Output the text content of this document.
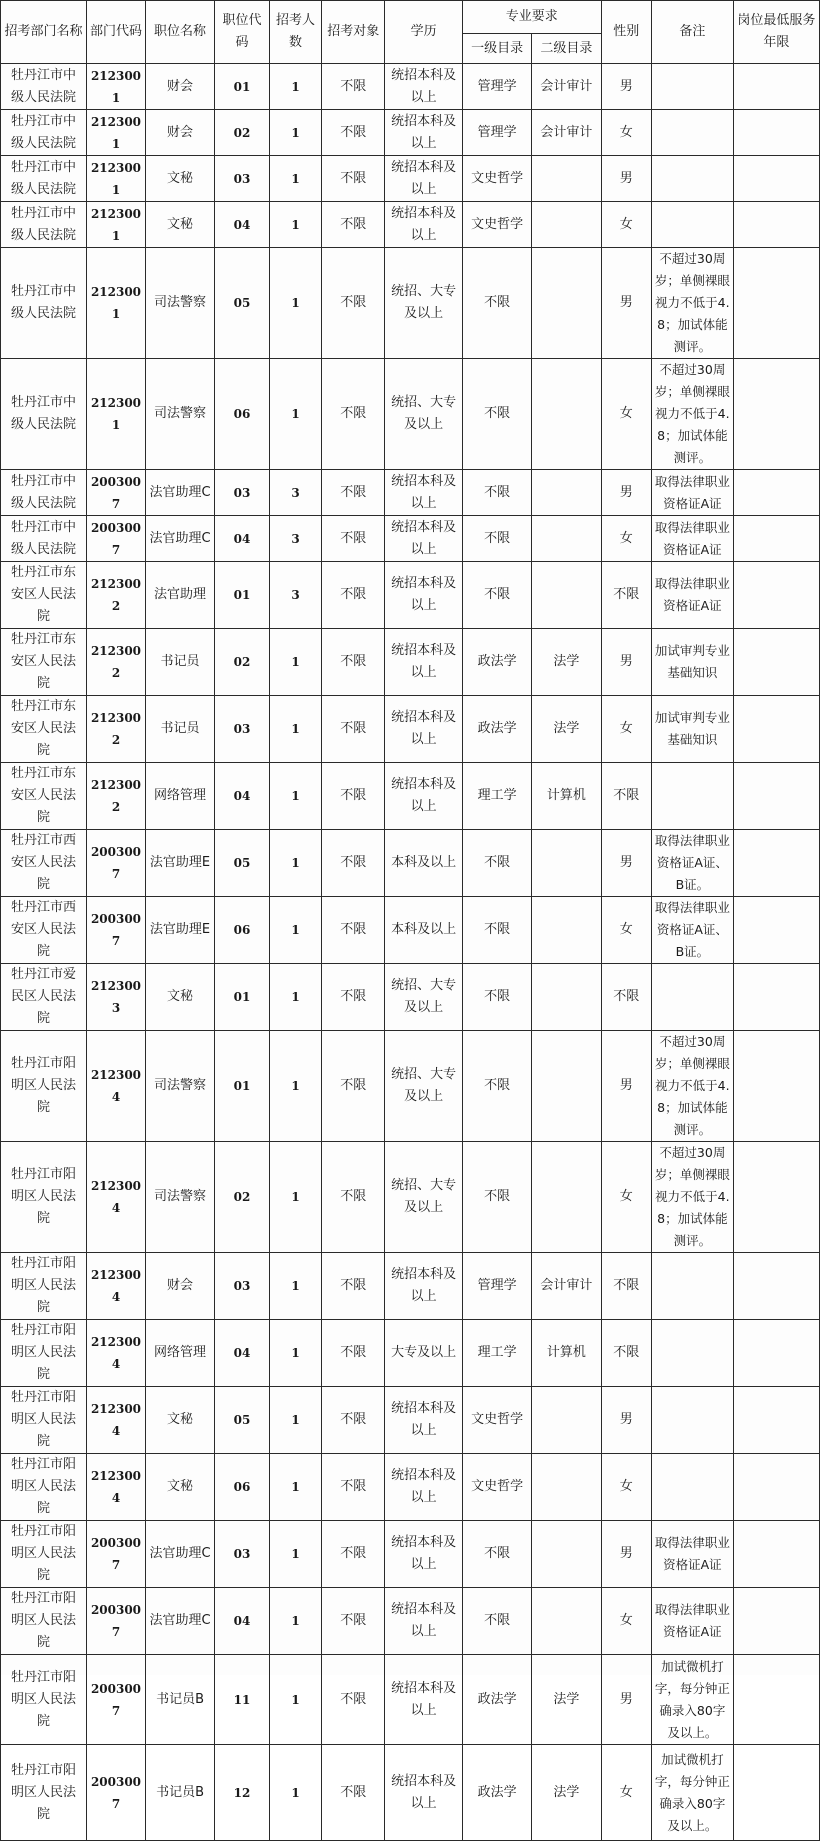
招考部门名称	部门代码	职位名称	职位代码	招考人数	招考对象	学历	专业要求		性别	备注	岗位最低服务年限
							一级目录	二级目录			
牡丹江市中级人民法院	2123001	财会	01	1	不限	统招本科及以上	管理学	会计审计	男		
牡丹江市中级人民法院	2123001	财会	02	1	不限	统招本科及以上	管理学	会计审计	女		
牡丹江市中级人民法院	2123001	文秘	03	1	不限	统招本科及以上	文史哲学		男		
牡丹江市中级人民法院	2123001	文秘	04	1	不限	统招本科及以上	文史哲学		女		
牡丹江市中级人民法院	2123001	司法警察	05	1	不限	统招、大专及以上	不限		男	不超过30周岁；单侧裸眼视力不低于4.8；加试体能测评。	
牡丹江市中级人民法院	2123001	司法警察	06	1	不限	统招、大专及以上	不限		女	不超过30周岁；单侧裸眼视力不低于4.8；加试体能测评。	
牡丹江市中级人民法院	2003007	法官助理C	03	3	不限	统招本科及以上	不限		男	取得法律职业资格证A证	
牡丹江市中级人民法院	2003007	法官助理C	04	3	不限	统招本科及以上	不限		女	取得法律职业资格证A证	
牡丹江市东安区人民法院	2123002	法官助理	01	3	不限	统招本科及以上	不限		不限	取得法律职业资格证A证	
牡丹江市东安区人民法院	2123002	书记员	02	1	不限	统招本科及以上	政法学	法学	男	加试审判专业基础知识	
牡丹江市东安区人民法院	2123002	书记员	03	1	不限	统招本科及以上	政法学	法学	女	加试审判专业基础知识	
牡丹江市东安区人民法院	2123002	网络管理	04	1	不限	统招本科及以上	理工学	计算机	不限		
牡丹江市西安区人民法院	2003007	法官助理E	05	1	不限	本科及以上	不限		男	取得法律职业资格证A证、B证。	
牡丹江市西安区人民法院	2003007	法官助理E	06	1	不限	本科及以上	不限		女	取得法律职业资格证A证、B证。	
牡丹江市爱民区人民法院	2123003	文秘	01	1	不限	统招、大专及以上	不限		不限		
牡丹江市阳明区人民法院	2123004	司法警察	01	1	不限	统招、大专及以上	不限		男	不超过30周岁；单侧裸眼视力不低于4.8；加试体能测评。	
牡丹江市阳明区人民法院	2123004	司法警察	02	1	不限	统招、大专及以上	不限		女	不超过30周岁；单侧裸眼视力不低于4.8；加试体能测评。	
牡丹江市阳明区人民法院	2123004	财会	03	1	不限	统招本科及以上	管理学	会计审计	不限		
牡丹江市阳明区人民法院	2123004	网络管理	04	1	不限	大专及以上	理工学	计算机	不限		
牡丹江市阳明区人民法院	2123004	文秘	05	1	不限	统招本科及以上	文史哲学		男		
牡丹江市阳明区人民法院	2123004	文秘	06	1	不限	统招本科及以上	文史哲学		女		
牡丹江市阳明区人民法院	2003007	法官助理C	03	1	不限	统招本科及以上	不限		男	取得法律职业资格证A证	
牡丹江市阳明区人民法院	2003007	法官助理C	04	1	不限	统招本科及以上	不限		女	取得法律职业资格证A证	
牡丹江市阳明区人民法院	2003007	书记员B	11	1	不限	统招本科及以上	政法学	法学	男	加试微机打字，每分钟正确录入80字及以上。	
牡丹江市阳明区人民法院	2003007	书记员B	12	1	不限	统招本科及以上	政法学	法学	女	加试微机打字，每分钟正确录入80字及以上。	
